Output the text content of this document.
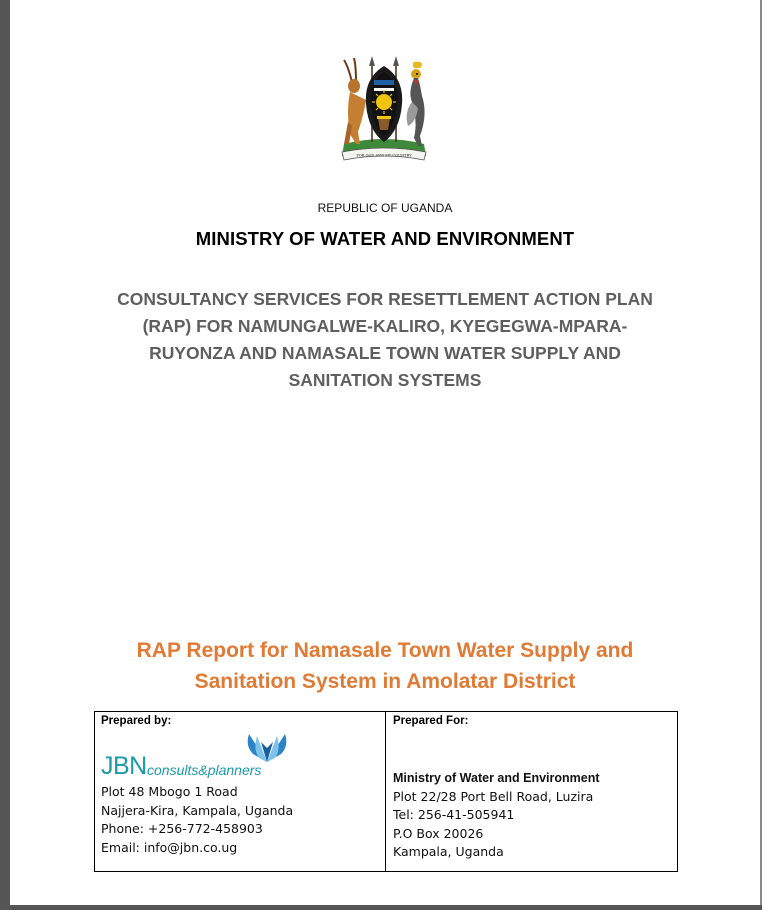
FOR GOD AND MY COUNTRY
REPUBLIC OF UGANDA
MINISTRY OF WATER AND ENVIRONMENT
CONSULTANCY SERVICES FOR RESETTLEMENT ACTION PLAN
(RAP) FOR NAMUNGALWE-KALIRO, KYEGEGWA-MPARA-
RUYONZA AND NAMASALE TOWN WATER SUPPLY AND
SANITATION SYSTEMS
RAP Report for Namasale Town Water Supply and
Sanitation System in Amolatar District
Prepared by:
JBN consults&planners
Plot 48 Mbogo 1 Road
Najjera-Kira, Kampala, Uganda
Phone: +256-772-458903
Email: info@jbn.co.ug
Prepared For:
Ministry of Water and Environment
Plot 22/28 Port Bell Road, Luzira
Tel: 256-41-505941
P.O Box 20026
Kampala, Uganda
